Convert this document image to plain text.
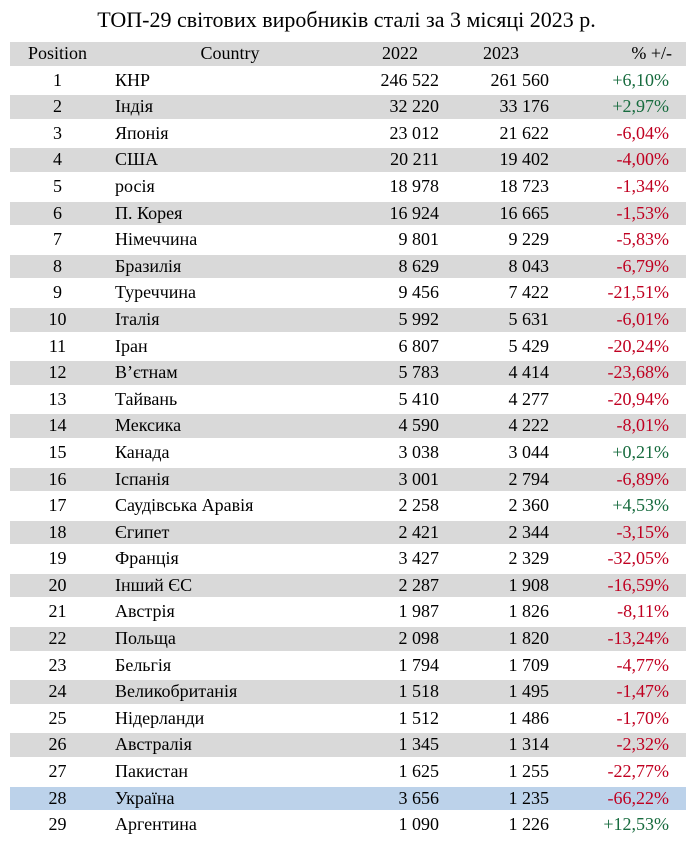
ТОП-29 світових виробників сталі за 3 місяці 2023 р.
Position	Country	2022	2023	% +/-
1	КНР	246 522	261 560	+6,10%
2	Індія	32 220	33 176	+2,97%
3	Японія	23 012	21 622	-6,04%
4	США	20 211	19 402	-4,00%
5	росія	18 978	18 723	-1,34%
6	П. Корея	16 924	16 665	-1,53%
7	Німеччина	9 801	9 229	-5,83%
8	Бразилія	8 629	8 043	-6,79%
9	Туреччина	9 456	7 422	-21,51%
10	Італія	5 992	5 631	-6,01%
11	Іран	6 807	5 429	-20,24%
12	В’єтнам	5 783	4 414	-23,68%
13	Тайвань	5 410	4 277	-20,94%
14	Мексика	4 590	4 222	-8,01%
15	Канада	3 038	3 044	+0,21%
16	Іспанія	3 001	2 794	-6,89%
17	Саудівська Аравія	2 258	2 360	+4,53%
18	Єгипет	2 421	2 344	-3,15%
19	Франція	3 427	2 329	-32,05%
20	Інший ЄС	2 287	1 908	-16,59%
21	Австрія	1 987	1 826	-8,11%
22	Польща	2 098	1 820	-13,24%
23	Бельгія	1 794	1 709	-4,77%
24	Великобританія	1 518	1 495	-1,47%
25	Нідерланди	1 512	1 486	-1,70%
26	Австралія	1 345	1 314	-2,32%
27	Пакистан	1 625	1 255	-22,77%
28	Україна	3 656	1 235	-66,22%
29	Аргентина	1 090	1 226	+12,53%
